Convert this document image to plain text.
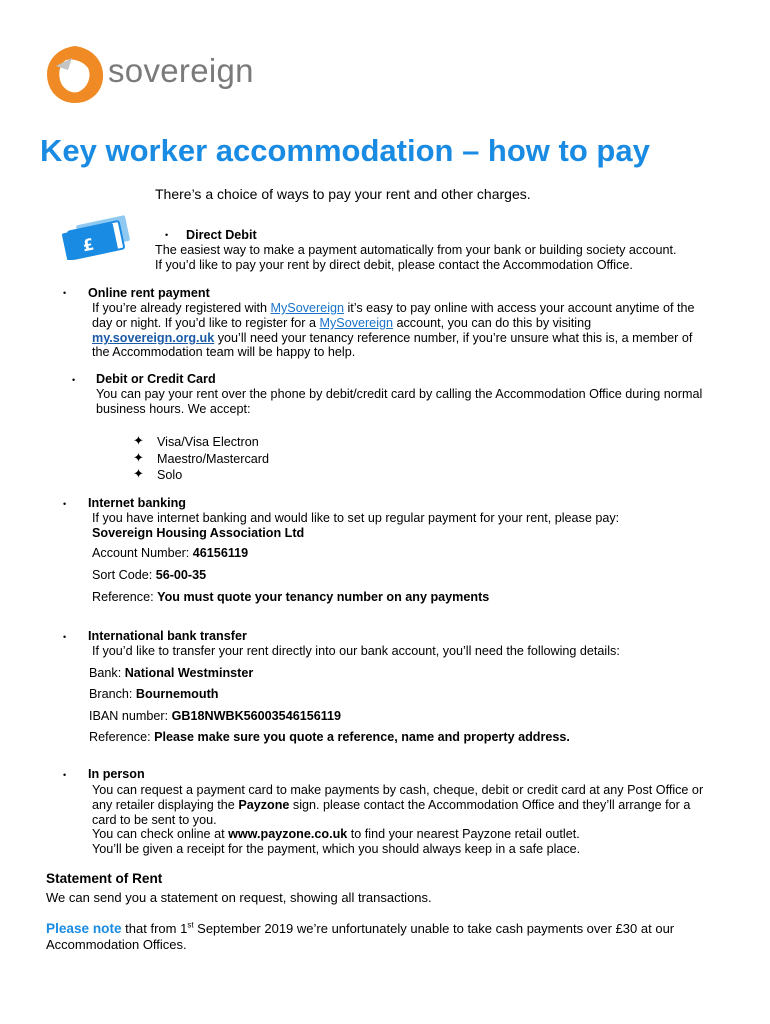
sovereign
Key worker accommodation – how to pay
There’s a choice of ways to pay your rent and other charges.
£	• Direct Debit
The easiest way to make a payment automatically from your bank or building society account.
If you’d like to pay your rent by direct debit, please contact the Accommodation Office.
• Online rent payment
If you’re already registered with MySovereign it’s easy to pay online with access your account anytime of the
day or night. If you’d like to register for a MySovereign account, you can do this by visiting
my.sovereign.org.uk you’ll need your tenancy reference number, if you’re unsure what this is, a member of
the Accommodation team will be happy to help.
• Debit or Credit Card
You can pay your rent over the phone by debit/credit card by calling the Accommodation Office during normal
business hours. We accept:
✦ Visa/Visa Electron
✦ Maestro/Mastercard
✦ Solo
• Internet banking
If you have internet banking and would like to set up regular payment for your rent, please pay:
Sovereign Housing Association Ltd
Account Number: 46156119
Sort Code: 56-00-35
Reference: You must quote your tenancy number on any payments
• International bank transfer
If you’d like to transfer your rent directly into our bank account, you’ll need the following details:
Bank: National Westminster
Branch: Bournemouth
IBAN number: GB18NWBK56003546156119
Reference: Please make sure you quote a reference, name and property address.
• In person
You can request a payment card to make payments by cash, cheque, debit or credit card at any Post Office or
any retailer displaying the Payzone sign. please contact the Accommodation Office and they’ll arrange for a
card to be sent to you.
You can check online at www.payzone.co.uk to find your nearest Payzone retail outlet.
You’ll be given a receipt for the payment, which you should always keep in a safe place.
Statement of Rent
We can send you a statement on request, showing all transactions.
Please note that from 1st September 2019 we’re unfortunately unable to take cash payments over £30 at our
Accommodation Offices.
